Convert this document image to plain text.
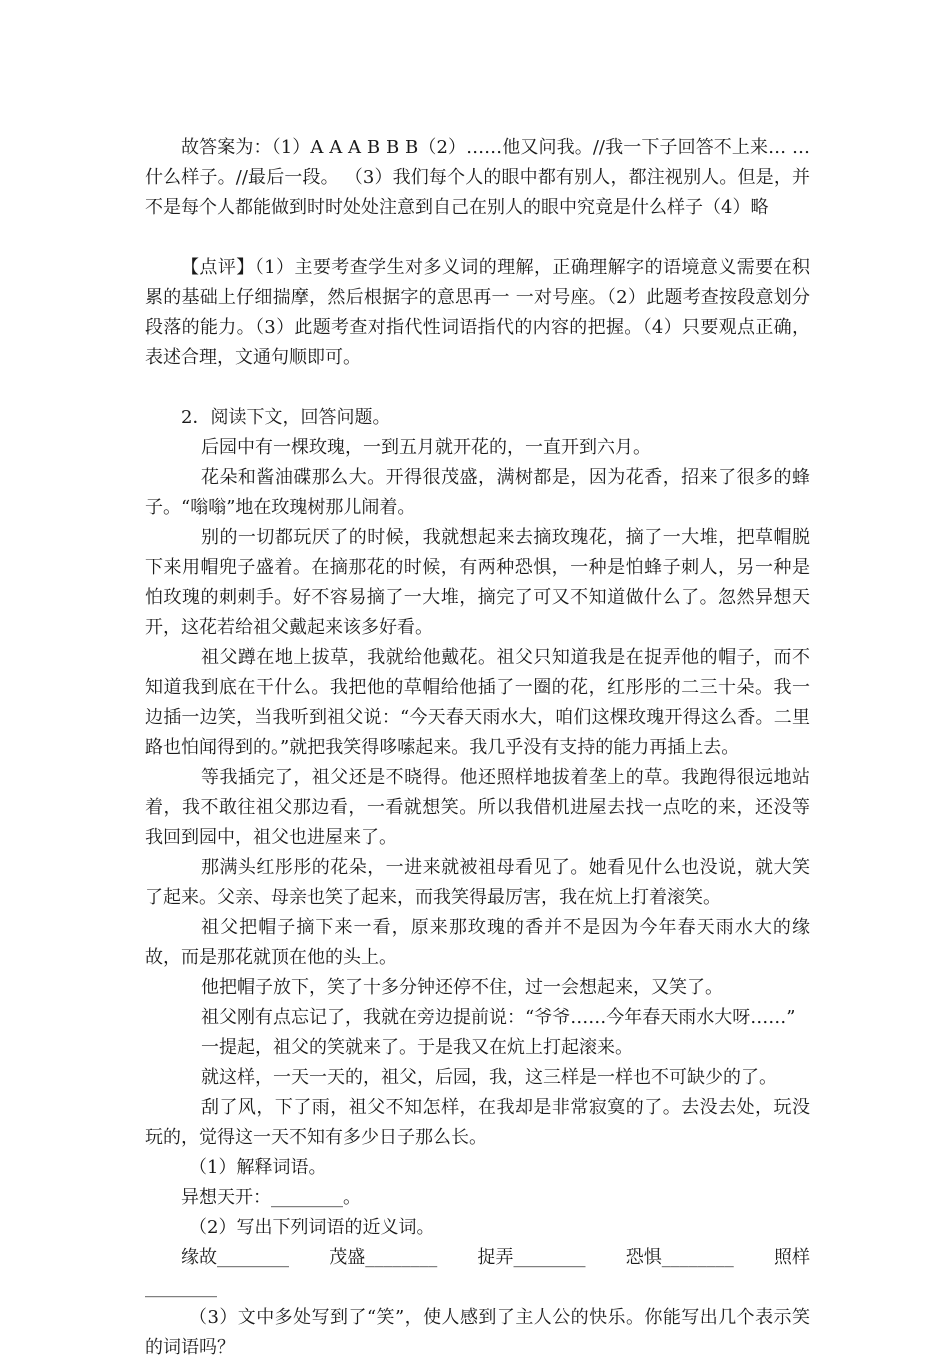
故答案为：（1）A A A B B B（2）……他又问我。//我一下子回答不上来… …什么样子。//最后一段。 （3）我们每个人的眼中都有别人，都注视别人。但是，并不是每个人都能做到时时处处注意到自己在别人的眼中究竟是什么样子（4）略

【点评】（1）主要考查学生对多义词的理解，正确理解字的语境意义需要在积累的基础上仔细揣摩，然后根据字的意思再一 一对号座。（2）此题考查按段意划分段落的能力。（3）此题考查对指代性词语指代的内容的把握。（4）只要观点正确，表述合理，文通句顺即可。

2．阅读下文，回答问题。

后园中有一棵玫瑰，一到五月就开花的，一直开到六月。

花朵和酱油碟那么大。开得很茂盛，满树都是，因为花香，招来了很多的蜂子。“嗡嗡”地在玫瑰树那儿闹着。

别的一切都玩厌了的时候，我就想起来去摘玫瑰花，摘了一大堆，把草帽脱下来用帽兜子盛着。在摘那花的时候，有两种恐惧，一种是怕蜂子刺人，另一种是怕玫瑰的刺刺手。好不容易摘了一大堆，摘完了可又不知道做什么了。忽然异想天开，这花若给祖父戴起来该多好看。

祖父蹲在地上拔草，我就给他戴花。祖父只知道我是在捉弄他的帽子，而不知道我到底在干什么。我把他的草帽给他插了一圈的花，红彤彤的二三十朵。我一边插一边笑，当我听到祖父说：“今天春天雨水大，咱们这棵玫瑰开得这么香。二里路也怕闻得到的。”就把我笑得哆嗦起来。我几乎没有支持的能力再插上去。

等我插完了，祖父还是不晓得。他还照样地拔着垄上的草。我跑得很远地站着，我不敢往祖父那边看，一看就想笑。所以我借机进屋去找一点吃的来，还没等我回到园中，祖父也进屋来了。

那满头红彤彤的花朵，一进来就被祖母看见了。她看见什么也没说，就大笑了起来。父亲、母亲也笑了起来，而我笑得最厉害，我在炕上打着滚笑。

祖父把帽子摘下来一看，原来那玫瑰的香并不是因为今年春天雨水大的缘故，而是那花就顶在他的头上。

他把帽子放下，笑了十多分钟还停不住，过一会想起来，又笑了。

祖父刚有点忘记了，我就在旁边提前说：“爷爷……今年春天雨水大呀……”

一提起，祖父的笑就来了。于是我又在炕上打起滚来。

就这样，一天一天的，祖父，后园，我，这三样是一样也不可缺少的了。

刮了风，下了雨，祖父不知怎样，在我却是非常寂寞的了。去没去处，玩没玩的，觉得这一天不知有多少日子那么长。

（1）解释词语。

异想天开：________。

（2）写出下列词语的近义词。

缘故________ 茂盛________ 捉弄________ 恐惧________ 照样

________

（3）文中多处写到了“笑”，使人感到了主人公的快乐。你能写出几个表示笑的词语吗？
